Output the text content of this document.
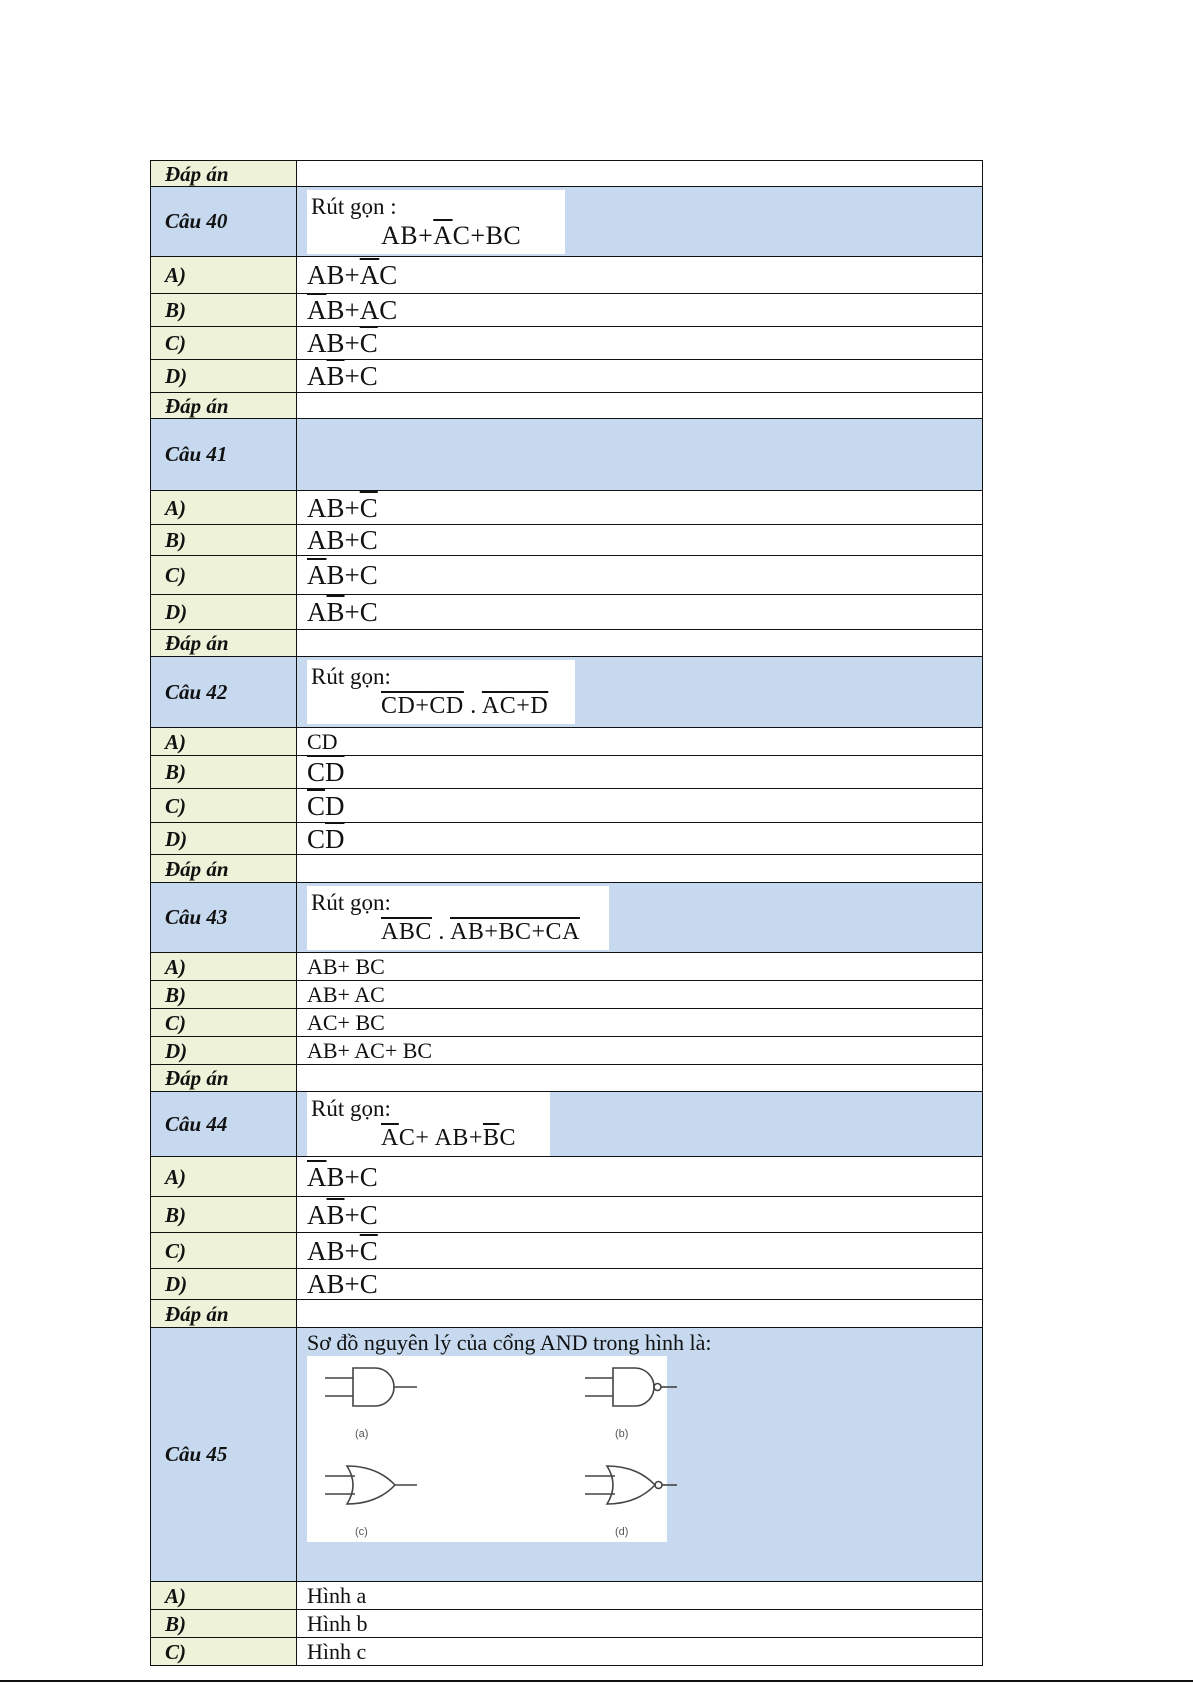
Đáp án	
Câu 40	Rút gọn :
$AB+\overline{A}C+BC$

A)	$AB+\overline{A}C$
B)	$\overline{A}B+AC$
C)	$AB+\overline{C}$
D)	$A\overline{B}+C$
Đáp án	
Câu 41	
A)	$AB+\overline{C}$
B)	AB+C
C)	$\overline{A}B+C$
D)	$A\overline{B}+C$
Đáp án	
Câu 42	Rút gọn:
CD+CD . AC+D

A)	CD
B)	$\overline{C}\overline{D}$
C)	$\overline{C}D$
D)	$C\overline{D}$
Đáp án	
Câu 43	Rút gọn:
ABC . AB+BC+CA

A)	AB+ BC
B)	AB+ AC
C)	AC+ BC
D)	AB+ AC+ BC
Đáp án	
Câu 44	Rút gọn:
$\overline{A}C+ AB+\overline{B}C$

A)	$\overline{A}B+C$
B)	$A\overline{B}+C$
C)	$AB+\overline{C}$
D)	AB+C
Đáp án	
Câu 45	Sơ đồ nguyên lý của cổng AND trong hình là:
(a) (b)
(c) (d)

A)	Hình a
B)	Hình b
C)	Hình c
